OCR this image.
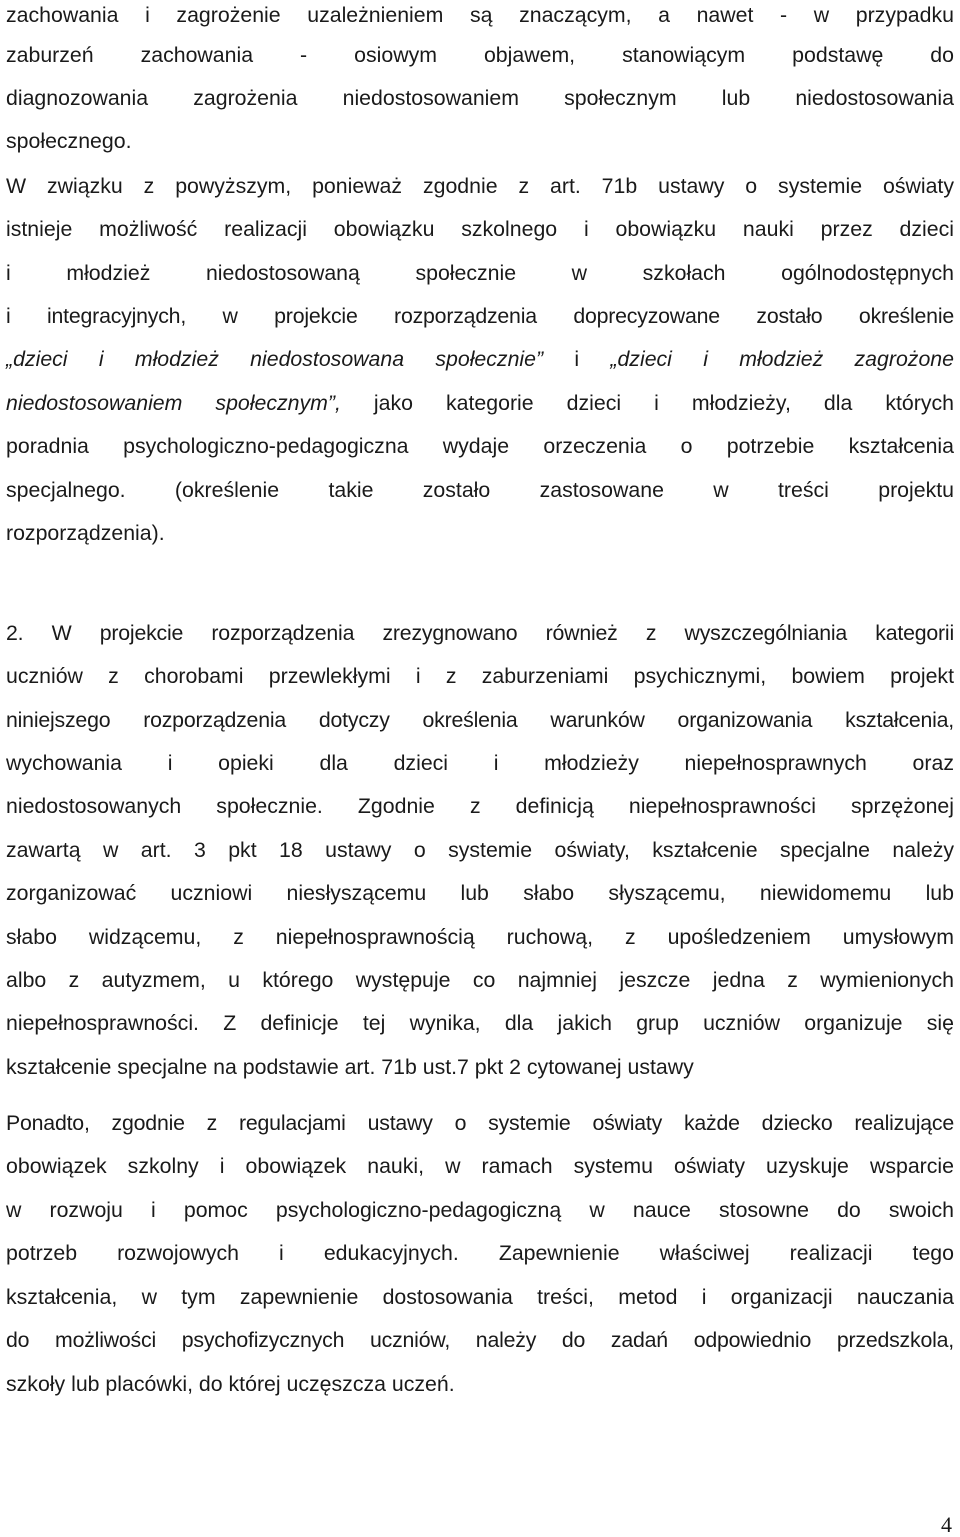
zachowania i zagrożenie uzależnieniem są znaczącym, a nawet - w przypadku
zaburzeń zachowania - osiowym objawem, stanowiącym podstawę do
diagnozowania zagrożenia niedostosowaniem społecznym lub niedostosowania
społecznego.
W związku z powyższym, ponieważ zgodnie z art. 71b ustawy o systemie oświaty
istnieje możliwość realizacji obowiązku szkolnego i obowiązku nauki przez dzieci
i młodzież niedostosowaną społecznie w szkołach ogólnodostępnych
i integracyjnych, w projekcie rozporządzenia doprecyzowane zostało określenie
„dzieci i młodzież niedostosowana społecznie” i „dzieci i młodzież zagrożone
niedostosowaniem społecznym”, jako kategorie dzieci i młodzieży, dla których
poradnia psychologiczno-pedagogiczna wydaje orzeczenia o potrzebie kształcenia
specjalnego. (określenie takie zostało zastosowane w treści projektu
rozporządzenia).
2. W projekcie rozporządzenia zrezygnowano również z wyszczególniania kategorii
uczniów z chorobami przewlekłymi i z zaburzeniami psychicznymi, bowiem projekt
niniejszego rozporządzenia dotyczy określenia warunków organizowania kształcenia,
wychowania i opieki dla dzieci i młodzieży niepełnosprawnych oraz
niedostosowanych społecznie. Zgodnie z definicją niepełnosprawności sprzężonej
zawartą w art. 3 pkt 18 ustawy o systemie oświaty, kształcenie specjalne należy
zorganizować uczniowi niesłyszącemu lub słabo słyszącemu, niewidomemu lub
słabo widzącemu, z niepełnosprawnością ruchową, z upośledzeniem umysłowym
albo z autyzmem, u którego występuje co najmniej jeszcze jedna z wymienionych
niepełnosprawności. Z definicje tej wynika, dla jakich grup uczniów organizuje się
kształcenie specjalne na podstawie art. 71b ust.7 pkt 2 cytowanej ustawy
Ponadto, zgodnie z regulacjami ustawy o systemie oświaty każde dziecko realizujące
obowiązek szkolny i obowiązek nauki, w ramach systemu oświaty uzyskuje wsparcie
w rozwoju i pomoc psychologiczno-pedagogiczną w nauce stosowne do swoich
potrzeb rozwojowych i edukacyjnych. Zapewnienie właściwej realizacji tego
kształcenia, w tym zapewnienie dostosowania treści, metod i organizacji nauczania
do możliwości psychofizycznych uczniów, należy do zadań odpowiednio przedszkola,
szkoły lub placówki, do której uczęszcza uczeń.
4
